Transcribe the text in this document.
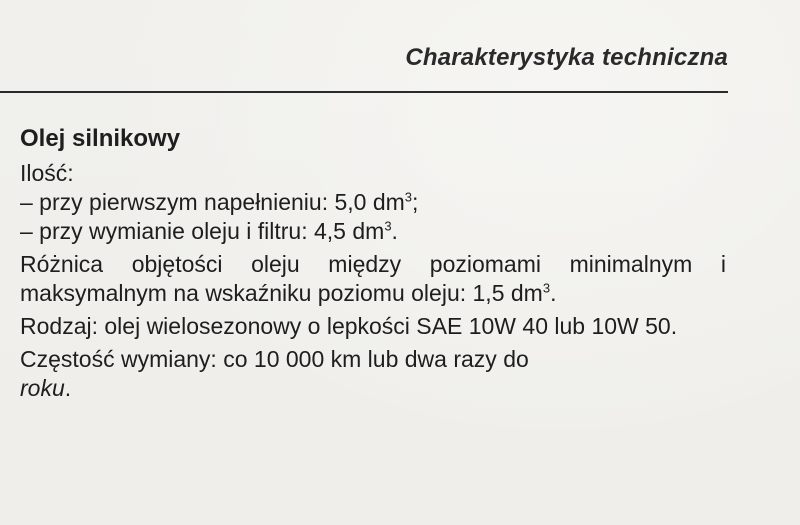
Charakterystyka techniczna
Olej silnikowy

Ilość:

– przy pierwszym napełnieniu: 5,0 $dm^3$;

– przy wymianie oleju i filtru: 4,5 $dm^3$.

Różnica objętości oleju między poziomami minimalnym i maksymalnym na wskaźniku poziomu oleju: 1,5 $dm^3$.

Rodzaj: olej wielosezonowy o lepkości SAE 10W 40 lub 10W 50.

Częstość wymiany: co 10 000 km lub dwa razy do
roku.
